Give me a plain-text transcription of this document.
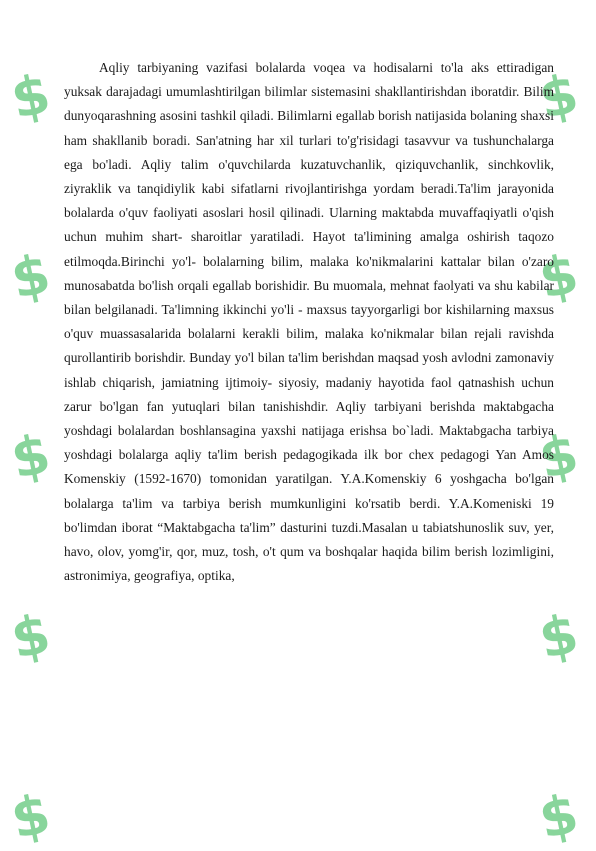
$
$
$
$
$
$
$
$
$
$

Aqliy tarbiyaning vazifasi bolalarda voqea va hodisalarni to'la aks ettiradigan yuksak darajadagi umumlashtirilgan bilimlar sistemasini shakllantirishdan iboratdir. Bilim dunyoqarashning asosini tashkil qiladi. Bilimlarni egallab borish natijasida bolaning shaxsi ham shakllanib boradi. San'atning har xil turlari to'g'risidagi tasavvur va tushunchalarga ega bo'ladi. Aqliy talim o'quvchilarda kuzatuvchanlik, qiziquvchanlik, sinchkovlik, ziyraklik va tanqidiylik kabi sifatlarni rivojlantirishga yordam beradi.Ta'lim jarayonida bolalarda o'quv faoliyati asoslari hosil qilinadi. Ularning maktabda muvaffaqiyatli o'qish uchun muhim shart- sharoitlar yaratiladi. Hayot ta'limining amalga oshirish taqozo etilmoqda.Birinchi yo'l- bolalarning bilim, malaka ko'nikmalarini kattalar bilan o'zaro munosabatda bo'lish orqali egallab borishidir. Bu muomala, mehnat faolyati va shu kabilar bilan belgilanadi. Ta'limning ikkinchi yo'li - maxsus tayyorgarligi bor kishilarning maxsus o'quv muassasalarida bolalarni kerakli bilim, malaka ko'nikmalar bilan rejali ravishda qurollantirib borishdir. Bunday yo'l bilan ta'lim berishdan maqsad yosh avlodni zamonaviy ishlab chiqarish, jamiatning ijtimoiy- siyosiy, madaniy hayotida faol qatnashish uchun zarur bo'lgan fan yutuqlari bilan tanishishdir. Aqliy tarbiyani berishda maktabgacha yoshdagi bolalardan boshlansagina yaxshi natijaga erishsa bo`ladi. Maktabgacha tarbiya yoshdagi bolalarga aqliy ta'lim berish pedagogikada ilk bor chex pedagogi Yan Amos Komenskiy (1592-1670) tomonidan yaratilgan. Y.A.Komenskiy 6 yoshgacha bo'lgan bolalarga ta'lim va tarbiya berish mumkunligini ko'rsatib berdi. Y.A.Komeniski 19 bo'limdan iborat “Maktabgacha ta'lim” dasturini tuzdi.Masalan u tabiatshunoslik suv, yer, havo, olov, yomg'ir, qor, muz, tosh, o't qum va boshqalar haqida bilim berish lozimligini, astronimiya, geografiya, optika,
